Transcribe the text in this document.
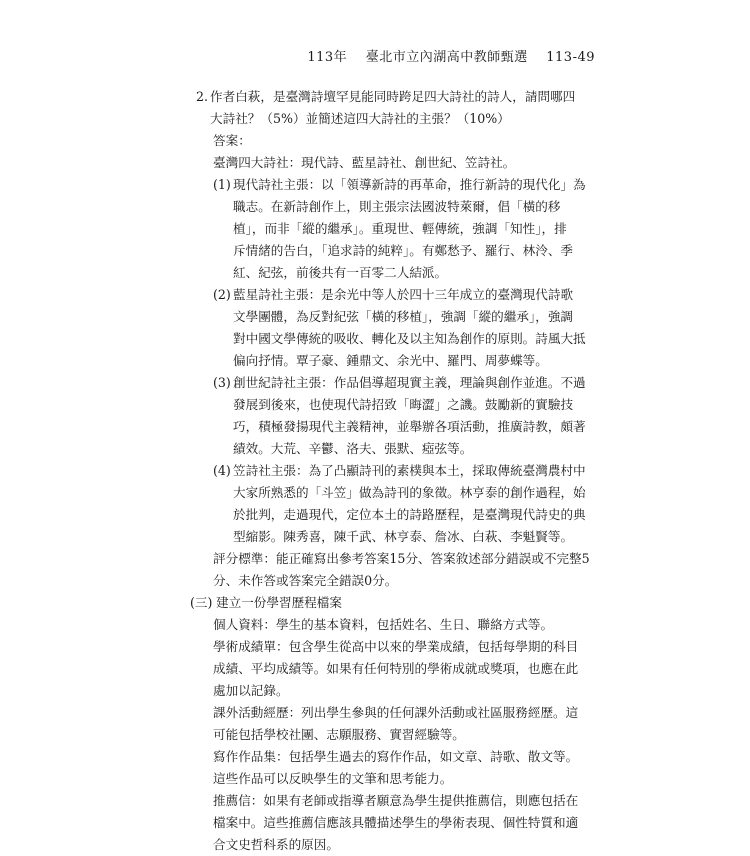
113年 臺北市立內湖高中教師甄選 113-49
2. 作者白萩，是臺灣詩壇罕見能同時跨足四大詩社的詩人，請問哪四
大詩社？（5%）並簡述這四大詩社的主張？（10%）
答案：
臺灣四大詩社：現代詩、藍星詩社、創世紀、笠詩社。
(1) 現代詩社主張：以「領導新詩的再革命，推行新詩的現代化」為
職志。在新詩創作上，則主張宗法國波特萊爾，倡「橫的移
植」，而非「縱的繼承」。重現世、輕傳統，強調「知性」，排
斥情緒的告白，「追求詩的純粹」。有鄭愁予、羅行、林泠、季
紅、紀弦，前後共有一百零二人結派。
(2) 藍星詩社主張：是余光中等人於四十三年成立的臺灣現代詩歌
文學團體，為反對紀弦「橫的移植」，強調「縱的繼承」，強調
對中國文學傳統的吸收、轉化及以主知為創作的原則。詩風大抵
偏向抒情。覃子豪、鍾鼎文、余光中、羅門、周夢蝶等。
(3) 創世紀詩社主張：作品倡導超現實主義，理論與創作並進。不過
發展到後來，也使現代詩招致「晦澀」之譏。鼓勵新的實驗技
巧，積極發揚現代主義精神，並舉辦各項活動，推廣詩教，頗著
績效。大荒、辛鬱、洛夫、張默、瘂弦等。
(4) 笠詩社主張：為了凸顯詩刊的素樸與本土，採取傳統臺灣農村中
大家所熟悉的「斗笠」做為詩刊的象徵。林亨泰的創作過程，始
於批判，走過現代，定位本土的詩路歷程，是臺灣現代詩史的典
型縮影。陳秀喜，陳千武、林亨泰、詹冰、白萩、李魁賢等。
評分標準：能正確寫出參考答案15分、答案敘述部分錯誤或不完整5
分、未作答或答案完全錯誤0分。
(三) 建立一份學習歷程檔案
個人資料：學生的基本資料，包括姓名、生日、聯絡方式等。
學術成績單：包含學生從高中以來的學業成績，包括每學期的科目
成績、平均成績等。如果有任何特別的學術成就或獎項，也應在此
處加以記錄。
課外活動經歷：列出學生參與的任何課外活動或社區服務經歷。這
可能包括學校社團、志願服務、實習經驗等。
寫作作品集：包括學生過去的寫作作品，如文章、詩歌、散文等。
這些作品可以反映學生的文筆和思考能力。
推薦信：如果有老師或指導者願意為學生提供推薦信，則應包括在
檔案中。這些推薦信應該具體描述學生的學術表現、個性特質和適
合文史哲科系的原因。
